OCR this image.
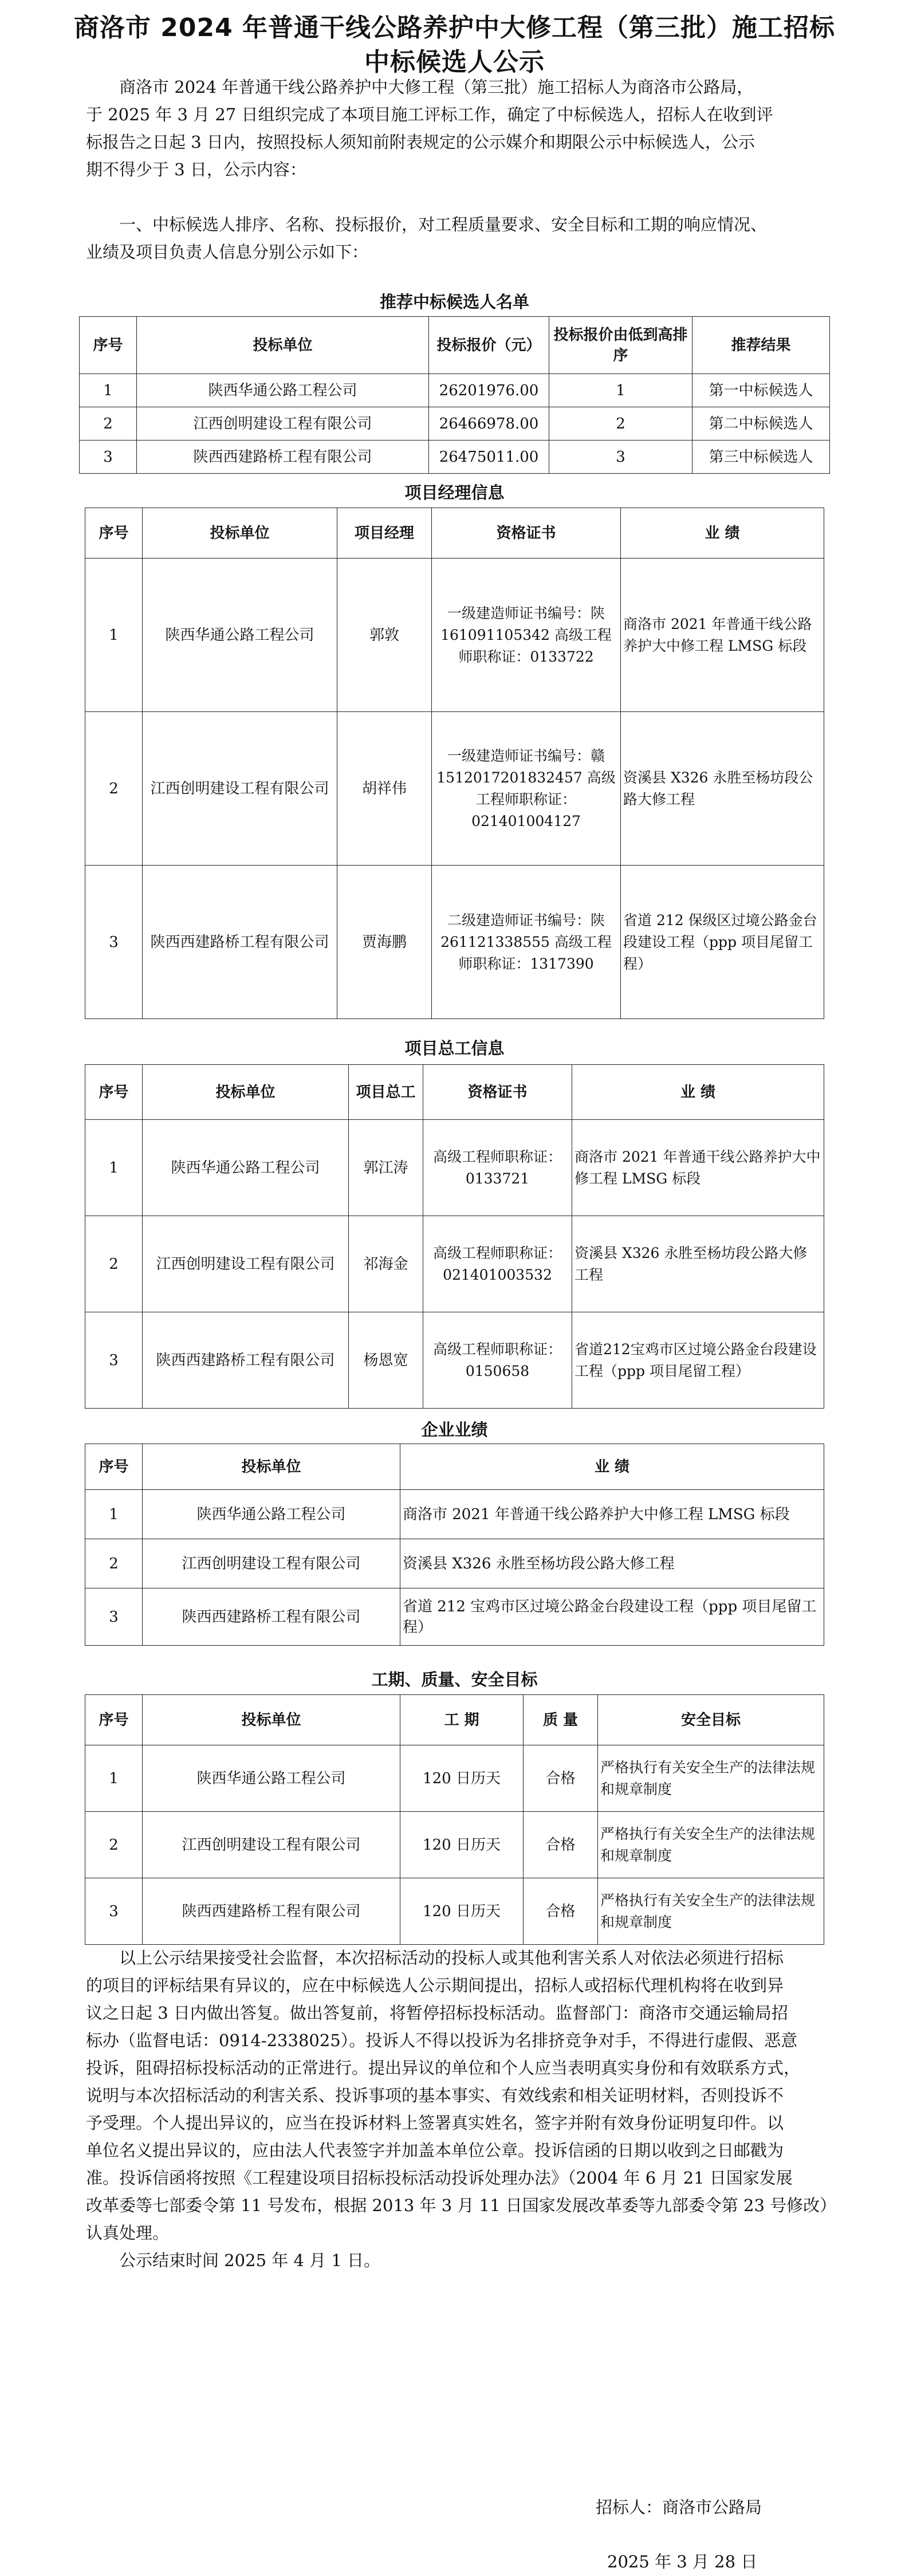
商洛市 2024 年普通干线公路养护中大修工程（第三批）施工招标
中标候选人公示
商洛市 2024 年普通干线公路养护中大修工程（第三批）施工招标人为商洛市公路局，
于 2025 年 3 月 27 日组织完成了本项目施工评标工作，确定了中标候选人，招标人在收到评
标报告之日起 3 日内，按照投标人须知前附表规定的公示媒介和期限公示中标候选人，公示
期不得少于 3 日，公示内容：
一、中标候选人排序、名称、投标报价，对工程质量要求、安全目标和工期的响应情况、
业绩及项目负责人信息分别公示如下：
推荐中标候选人名单
序号	投标单位	投标报价（元）	投标报价由低到高排序	推荐结果
1	陕西华通公路工程公司	26201976.00	1	第一中标候选人
2	江西创明建设工程有限公司	26466978.00	2	第二中标候选人
3	陕西西建路桥工程有限公司	26475011.00	3	第三中标候选人
项目经理信息
序号	投标单位	项目经理	资格证书	业 绩
1	陕西华通公路工程公司	郭敦	一级建造师证书编号：陕 161091105342 高级工程师职称证：0133722	商洛市 2021 年普通干线公路养护大中修工程 LMSG 标段
2	江西创明建设工程有限公司	胡祥伟	一级建造师证书编号：赣 1512017201832457 高级工程师职称证：021401004127	资溪县 X326 永胜至杨坊段公路大修工程
3	陕西西建路桥工程有限公司	贾海鹏	二级建造师证书编号：陕 261121338555 高级工程师职称证：1317390	省道 212 保级区过境公路金台段建设工程（ppp 项目尾留工程）
项目总工信息
序号	投标单位	项目总工	资格证书	业 绩
1	陕西华通公路工程公司	郭江涛	高级工程师职称证：0133721	商洛市 2021 年普通干线公路养护大中修工程 LMSG 标段
2	江西创明建设工程有限公司	祁海金	高级工程师职称证：021401003532	资溪县 X326 永胜至杨坊段公路大修工程
3	陕西西建路桥工程有限公司	杨恩宽	高级工程师职称证：0150658	省道212宝鸡市区过境公路金台段建设工程（ppp 项目尾留工程）
企业业绩
序号	投标单位	业 绩
1	陕西华通公路工程公司	商洛市 2021 年普通干线公路养护大中修工程 LMSG 标段
2	江西创明建设工程有限公司	资溪县 X326 永胜至杨坊段公路大修工程
3	陕西西建路桥工程有限公司	省道 212 宝鸡市区过境公路金台段建设工程（ppp 项目尾留工程）
工期、质量、安全目标
序号	投标单位	工 期	质 量	安全目标
1	陕西华通公路工程公司	120 日历天	合格	严格执行有关安全生产的法律法规和规章制度
2	江西创明建设工程有限公司	120 日历天	合格	严格执行有关安全生产的法律法规和规章制度
3	陕西西建路桥工程有限公司	120 日历天	合格	严格执行有关安全生产的法律法规和规章制度
以上公示结果接受社会监督，本次招标活动的投标人或其他利害关系人对依法必须进行招标
的项目的评标结果有异议的，应在中标候选人公示期间提出，招标人或招标代理机构将在收到异
议之日起 3 日内做出答复。做出答复前，将暂停招标投标活动。监督部门：商洛市交通运输局招
标办（监督电话：0914-2338025）。投诉人不得以投诉为名排挤竞争对手，不得进行虚假、恶意
投诉，阻碍招标投标活动的正常进行。提出异议的单位和个人应当表明真实身份和有效联系方式，
说明与本次招标活动的利害关系、投诉事项的基本事实、有效线索和相关证明材料，否则投诉不
予受理。个人提出异议的，应当在投诉材料上签署真实姓名，签字并附有效身份证明复印件。以
单位名义提出异议的，应由法人代表签字并加盖本单位公章。投诉信函的日期以收到之日邮戳为
准。投诉信函将按照《工程建设项目招标投标活动投诉处理办法》（2004 年 6 月 21 日国家发展
改革委等七部委令第 11 号发布，根据 2013 年 3 月 11 日国家发展改革委等九部委令第 23 号修改）
认真处理。
公示结束时间 2025 年 4 月 1 日。
招标人：商洛市公路局
2025 年 3 月 28 日
